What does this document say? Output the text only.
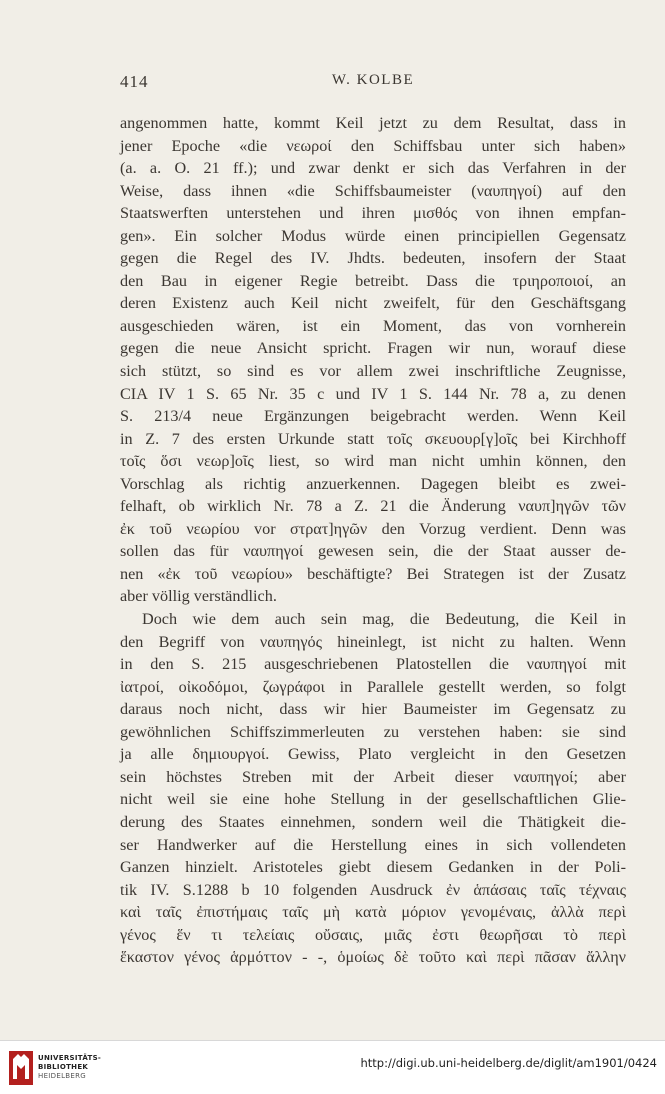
414	W. KOLBE
angenommen hatte, kommt Keil jetzt zu dem Resultat, dass in
jener Epoche «die νεωροί den Schiffsbau unter sich haben»
(a. a. O. 21 ff.); und zwar denkt er sich das Verfahren in der
Weise, dass ihnen «die Schiffsbaumeister (ναυπηγοί) auf den
Staatswerften unterstehen und ihren μισθός von ihnen empfan-
gen». Ein solcher Modus würde einen principiellen Gegensatz
gegen die Regel des IV. Jhdts. bedeuten, insofern der Staat
den Bau in eigener Regie betreibt. Dass die τριηροποιοί, an
deren Existenz auch Keil nicht zweifelt, für den Geschäftsgang
ausgeschieden wären, ist ein Moment, das von vornherein
gegen die neue Ansicht spricht. Fragen wir nun, worauf diese
sich stützt, so sind es vor allem zwei inschriftliche Zeugnisse,
CIA IV 1 S. 65 Nr. 35 c und IV 1 S. 144 Nr. 78 a, zu denen
S. 213/4 neue Ergänzungen beigebracht werden. Wenn Keil
in Z. 7 des ersten Urkunde statt τοῖς σκευουρ[γ]οῖς bei Kirchhoff
τοῖς ὅσι νεωρ]οῖς liest, so wird man nicht umhin können, den
Vorschlag als richtig anzuerkennen. Dagegen bleibt es zwei-
felhaft, ob wirklich Nr. 78 a Z. 21 die Änderung ναυπ]ηγῶν τῶν
ἐκ τοῦ νεωρίου vor στρατ]ηγῶν den Vorzug verdient. Denn was
sollen das für ναυπηγοί gewesen sein, die der Staat ausser de-
nen «ἐκ τοῦ νεωρίου» beschäftigte? Bei Strategen ist der Zusatz
aber völlig verständlich.
Doch wie dem auch sein mag, die Bedeutung, die Keil in
den Begriff von ναυπηγός hineinlegt, ist nicht zu halten. Wenn
in den S. 215 ausgeschriebenen Platostellen die ναυπηγοί mit
ἰατροί, οἰκοδόμοι, ζωγράφοι in Parallele gestellt werden, so folgt
daraus noch nicht, dass wir hier Baumeister im Gegensatz zu
gewöhnlichen Schiffszimmerleuten zu verstehen haben: sie sind
ja alle δημιουργοί. Gewiss, Plato vergleicht in den Gesetzen
sein höchstes Streben mit der Arbeit dieser ναυπηγοί; aber
nicht weil sie eine hohe Stellung in der gesellschaftlichen Glie-
derung des Staates einnehmen, sondern weil die Thätigkeit die-
ser Handwerker auf die Herstellung eines in sich vollendeten
Ganzen hinzielt. Aristoteles giebt diesem Gedanken in der Poli-
tik IV. S.1288 b 10 folgenden Ausdruck ἐν ἁπάσαις ταῖς τέχναις
καὶ ταῖς ἐπιστήμαις ταῖς μὴ κατὰ μόριον γενομέναις, ἀλλὰ περὶ
γένος ἕν τι τελείαις οὔσαις, μιᾶς ἐστι θεωρῆσαι τὸ περὶ
ἕκαστον γένος ἁρμόττον - -, ὁμοίως δὲ τοῦτο καὶ περὶ πᾶσαν ἄλλην
UNIVERSITÄTS-
BIBLIOTHEK
HEIDELBERG
http://digi.ub.uni-heidelberg.de/diglit/am1901/0424
